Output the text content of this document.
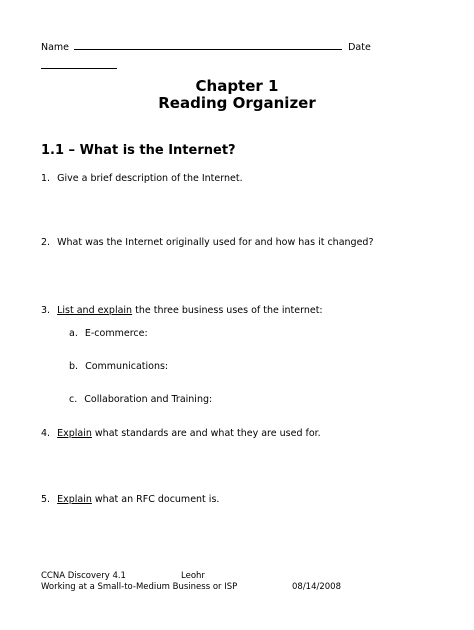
Name	Date
Chapter 1
Reading Organizer
1.1 – What is the Internet?
1. Give a brief description of the Internet.
2. What was the Internet originally used for and how has it changed?
3. List and explain the three business uses of the internet:
a. E-commerce:
b. Communications:
c. Collaboration and Training:
4. Explain what standards are and what they are used for.
5. Explain what an RFC document is.
CCNA Discovery 4.1	Leohr
Working at a Small-to-Medium Business or ISP	08/14/2008
